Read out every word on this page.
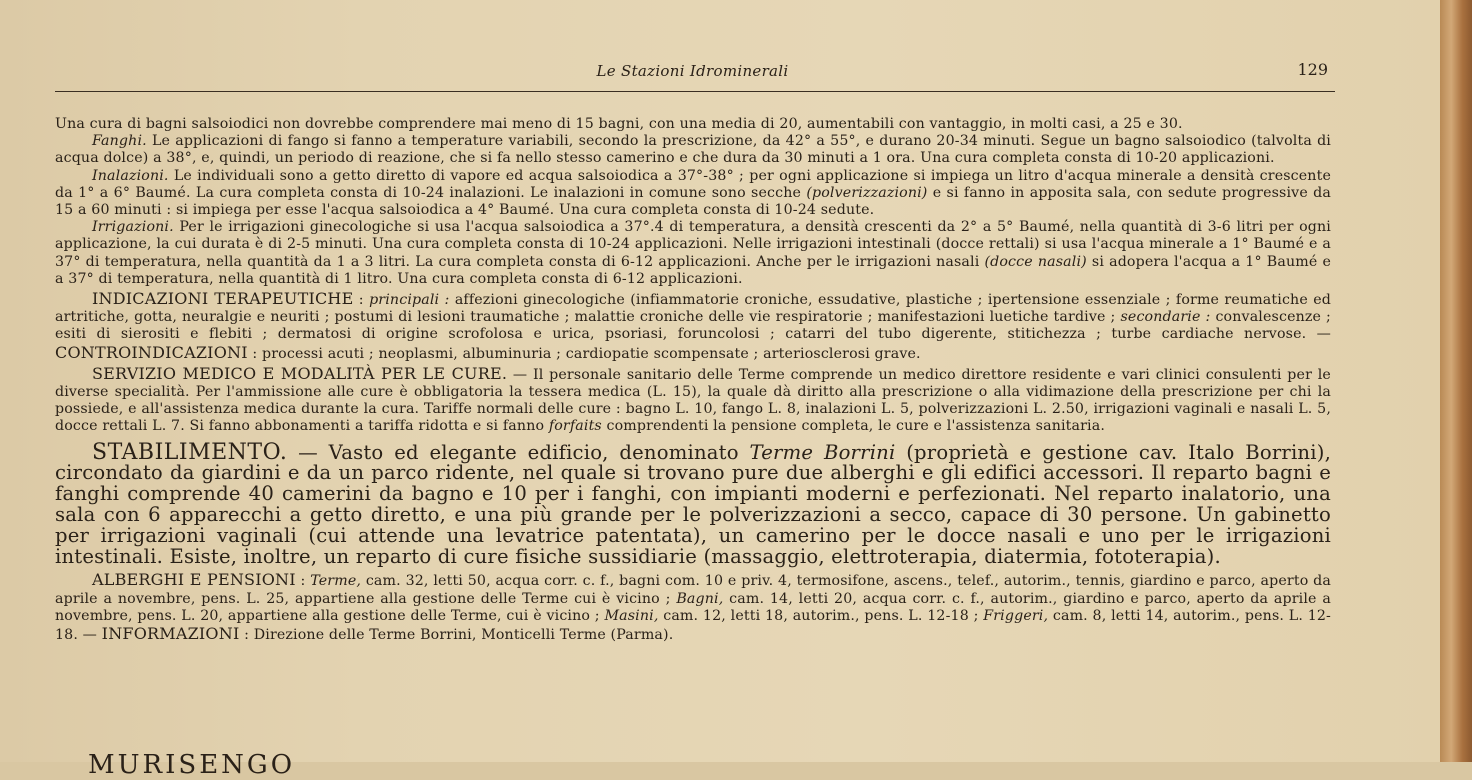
Le Stazioni Idrominerali	129

Una cura di bagni salsoiodici non dovrebbe comprendere mai meno di 15 bagni, con una media di 20, aumentabili con vantaggio, in molti casi, a 25 e 30.

Fanghi. Le applicazioni di fango si fanno a temperature variabili, secondo la prescrizione, da 42° a 55°, e durano 20-34 minuti. Segue un bagno salsoiodico (talvolta di acqua dolce) a 38°, e, quindi, un periodo di reazione, che si fa nello stesso camerino e che dura da 30 minuti a 1 ora. Una cura completa consta di 10-20 applicazioni.

Inalazioni. Le individuali sono a getto diretto di vapore ed acqua salsoiodica a 37°-38° ; per ogni applicazione si impiega un litro d'acqua minerale a densità crescente da 1° a 6° Baumé. La cura completa consta di 10-24 inalazioni. Le inalazioni in comune sono secche (polverizzazioni) e si fanno in apposita sala, con sedute progressive da 15 a 60 minuti : si impiega per esse l'acqua salsoiodica a 4° Baumé. Una cura completa consta di 10-24 sedute.

Irrigazioni. Per le irrigazioni ginecologiche si usa l'acqua salsoiodica a 37°.4 di temperatura, a densità crescenti da 2° a 5° Baumé, nella quantità di 3-6 litri per ogni applicazione, la cui durata è di 2-5 minuti. Una cura completa consta di 10-24 applicazioni. Nelle irrigazioni intestinali (docce rettali) si usa l'acqua minerale a 1° Baumé e a 37° di temperatura, nella quantità da 1 a 3 litri. La cura completa consta di 6-12 applicazioni. Anche per le irrigazioni nasali (docce nasali) si adopera l'acqua a 1° Baumé e a 37° di temperatura, nella quantità di 1 litro. Una cura completa consta di 6-12 applicazioni.

INDICAZIONI TERAPEUTICHE : principali : affezioni ginecologiche (infiammatorie croniche, essudative, plastiche ; ipertensione essenziale ; forme reumatiche ed artritiche, gotta, neuralgie e neuriti ; postumi di lesioni traumatiche ; malattie croniche delle vie respiratorie ; manifestazioni luetiche tardive ; secondarie : convalescenze ; esiti di sierositi e flebiti ; dermatosi di origine scrofolosa e urica, psoriasi, foruncolosi ; catarri del tubo digerente, stitichezza ; turbe cardiache nervose. — CONTROINDICAZIONI : processi acuti ; neoplasmi, albuminuria ; cardiopatie scompensate ; arteriosclerosi grave.

SERVIZIO MEDICO E MODALITÀ PER LE CURE. — Il personale sanitario delle Terme comprende un medico direttore residente e vari clinici consulenti per le diverse specialità. Per l'ammissione alle cure è obbligatoria la tessera medica (L. 15), la quale dà diritto alla prescrizione o alla vidimazione della prescrizione per chi la possiede, e all'assistenza medica durante la cura. Tariffe normali delle cure : bagno L. 10, fango L. 8, inalazioni L. 5, polverizzazioni L. 2.50, irrigazioni vaginali e nasali L. 5, docce rettali L. 7. Si fanno abbonamenti a tariffa ridotta e si fanno forfaits comprendenti la pensione completa, le cure e l'assistenza sanitaria.

STABILIMENTO. — Vasto ed elegante edificio, denominato Terme Borrini (proprietà e gestione cav. Italo Borrini), circondato da giardini e da un parco ridente, nel quale si trovano pure due alberghi e gli edifici accessori. Il reparto bagni e fanghi comprende 40 camerini da bagno e 10 per i fanghi, con impianti moderni e perfezionati. Nel reparto inalatorio, una sala con 6 apparecchi a getto diretto, e una più grande per le polverizzazioni a secco, capace di 30 persone. Un gabinetto per irrigazioni vaginali (cui attende una levatrice patentata), un camerino per le docce nasali e uno per le irrigazioni intestinali. Esiste, inoltre, un reparto di cure fisiche sussidiarie (massaggio, elettroterapia, diatermia, fototerapia).

ALBERGHI E PENSIONI : Terme, cam. 32, letti 50, acqua corr. c. f., bagni com. 10 e priv. 4, termosifone, ascens., telef., autorim., tennis, giardino e parco, aperto da aprile a novembre, pens. L. 25, appartiene alla gestione delle Terme cui è vicino ; Bagni, cam. 14, letti 20, acqua corr. c. f., autorim., giardino e parco, aperto da aprile a novembre, pens. L. 20, appartiene alla gestione delle Terme, cui è vicino ; Masini, cam. 12, letti 18, autorim., pens. L. 12-18 ; Friggeri, cam. 8, letti 14, autorim., pens. L. 12-18. — INFORMAZIONI : Direzione delle Terme Borrini, Monticelli Terme (Parma).

MURISENGO
